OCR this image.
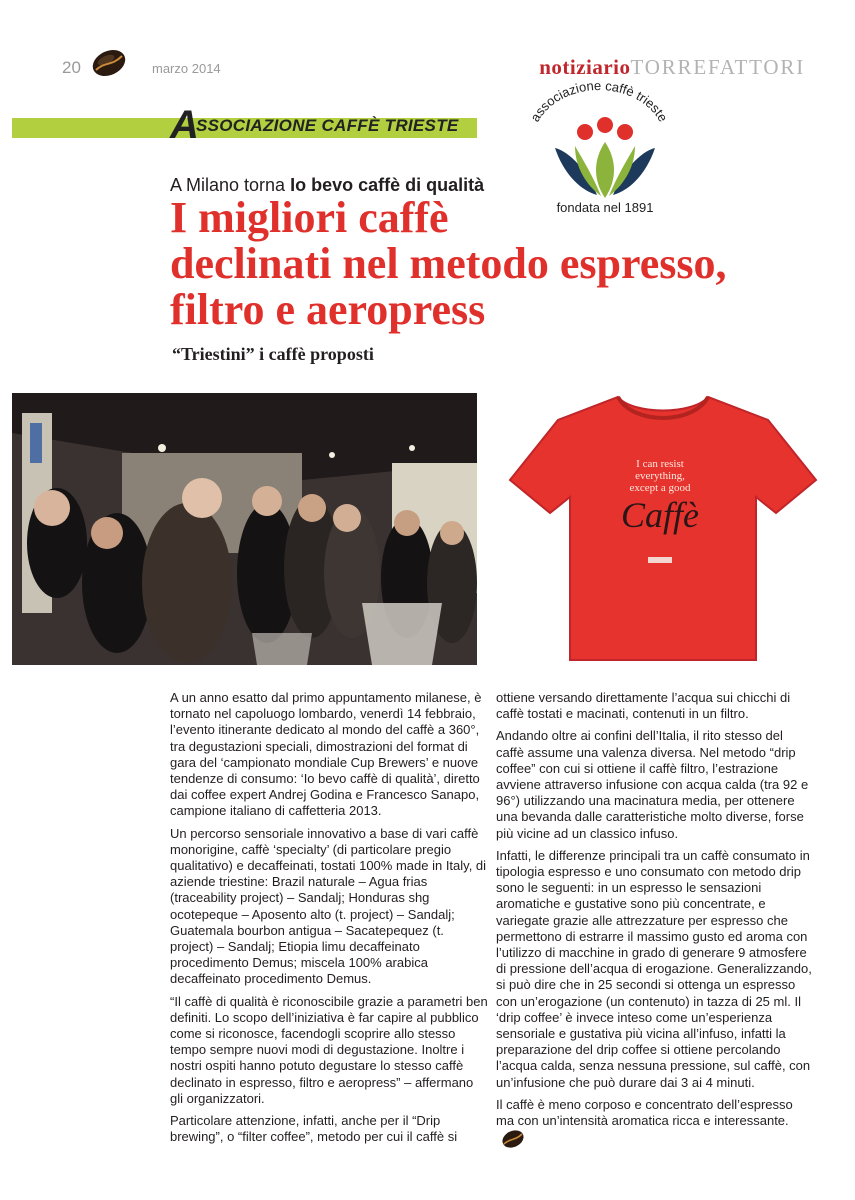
20	marzo 2014	notiziarioTORREFATTORI
A
SSOCIAZIONE CAFFÈ TRIESTE	associazione caffè trieste
fondata nel 1891
A Milano torna Io bevo caffè di qualità
I migliori caffè
declinati nel metodo espresso,
filtro e aeropress
“Triestini” i caffè proposti
I can resist
everything,
except a good
Caffè

A un anno esatto dal primo appuntamento milanese, è tornato nel capoluogo lombardo, venerdì 14 febbraio, l’evento itinerante dedicato al mondo del caffè a 360°, tra degustazioni speciali, dimostrazioni del format di gara del ‘campionato mondiale Cup Brewers’ e nuove tendenze di consumo: ‘Io bevo caffè di qualità’, diretto dai coffee expert Andrej Godina e Francesco Sanapo, campione italiano di caffetteria 2013.

Un percorso sensoriale innovativo a base di vari caffè monorigine, caffè ‘specialty’ (di particolare pregio qualitativo) e decaffeinati, tostati 100% made in Italy, di aziende triestine: Brazil naturale – Agua frias (traceability project) – Sandalj; Honduras shg ocotepeque – Aposento alto (t. project) – Sandalj; Guatemala bourbon antigua – Sacatepequez (t. project) – Sandalj; Etiopia limu decaffeinato procedimento Demus; miscela 100% arabica decaffeinato procedimento Demus.

“Il caffè di qualità è riconoscibile grazie a parametri ben definiti. Lo scopo dell’iniziativa è far capire al pubblico come si riconosce, facendogli scoprire allo stesso tempo sempre nuovi modi di degustazione. Inoltre i nostri ospiti hanno potuto degustare lo stesso caffè declinato in espresso, filtro e aeropress” – affermano gli organizzatori.

Particolare attenzione, infatti, anche per il “Drip brewing”, o “filter coffee”, metodo per cui il caffè si

ottiene versando direttamente l’acqua sui chicchi di caffè tostati e macinati, contenuti in un filtro.

Andando oltre ai confini dell’Italia, il rito stesso del caffè assume una valenza diversa. Nel metodo “drip coffee” con cui si ottiene il caffè filtro, l’estrazione avviene attraverso infusione con acqua calda (tra 92 e 96°) utilizzando una macinatura media, per ottenere una bevanda dalle caratteristiche molto diverse, forse più vicine ad un classico infuso.

Infatti, le differenze principali tra un caffè consumato in tipologia espresso e uno consumato con metodo drip sono le seguenti: in un espresso le sensazioni aromatiche e gustative sono più concentrate, e variegate grazie alle attrezzature per espresso che permettono di estrarre il massimo gusto ed aroma con l’utilizzo di macchine in grado di generare 9 atmosfere di pressione dell’acqua di erogazione. Generalizzando, si può dire che in 25 secondi si ottenga un espresso con un’erogazione (un contenuto) in tazza di 25 ml. Il ‘drip coffee’ è invece inteso come un’esperienza sensoriale e gustativa più vicina all’infuso, infatti la preparazione del drip coffee si ottiene percolando l’acqua calda, senza nessuna pressione, sul caffè, con un’infusione che può durare dai 3 ai 4 minuti.

Il caffè è meno corposo e concentrato dell’espresso ma con un’intensità aromatica ricca e interessante.
